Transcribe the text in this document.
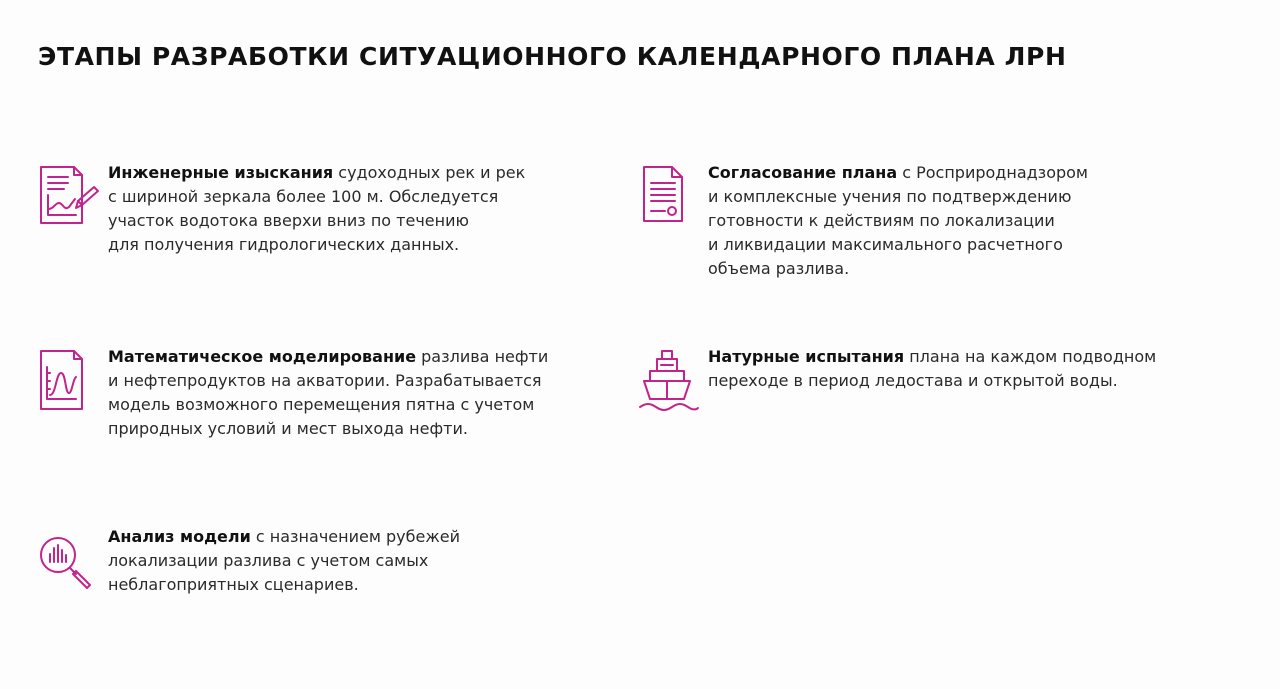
ЭТАПЫ РАЗРАБОТКИ СИТУАЦИОННОГО КАЛЕНДАРНОГО ПЛАНА ЛРН
Инженерные изыскания судоходных рек и рек
с шириной зеркала более 100 м. Обследуется
участок водотока вверхи вниз по течению
для получения гидрологических данных.
Согласование плана с Росприроднадзором
и комплексные учения по подтверждению
готовности к действиям по локализации
и ликвидации максимального расчетного
объема разлива.
Математическое моделирование разлива нефти
и нефтепродуктов на акватории. Разрабатывается
модель возможного перемещения пятна с учетом
природных условий и мест выхода нефти.
Натурные испытания плана на каждом подводном
переходе в период ледостава и открытой воды.
Анализ модели с назначением рубежей
локализации разлива с учетом самых
неблагоприятных сценариев.
